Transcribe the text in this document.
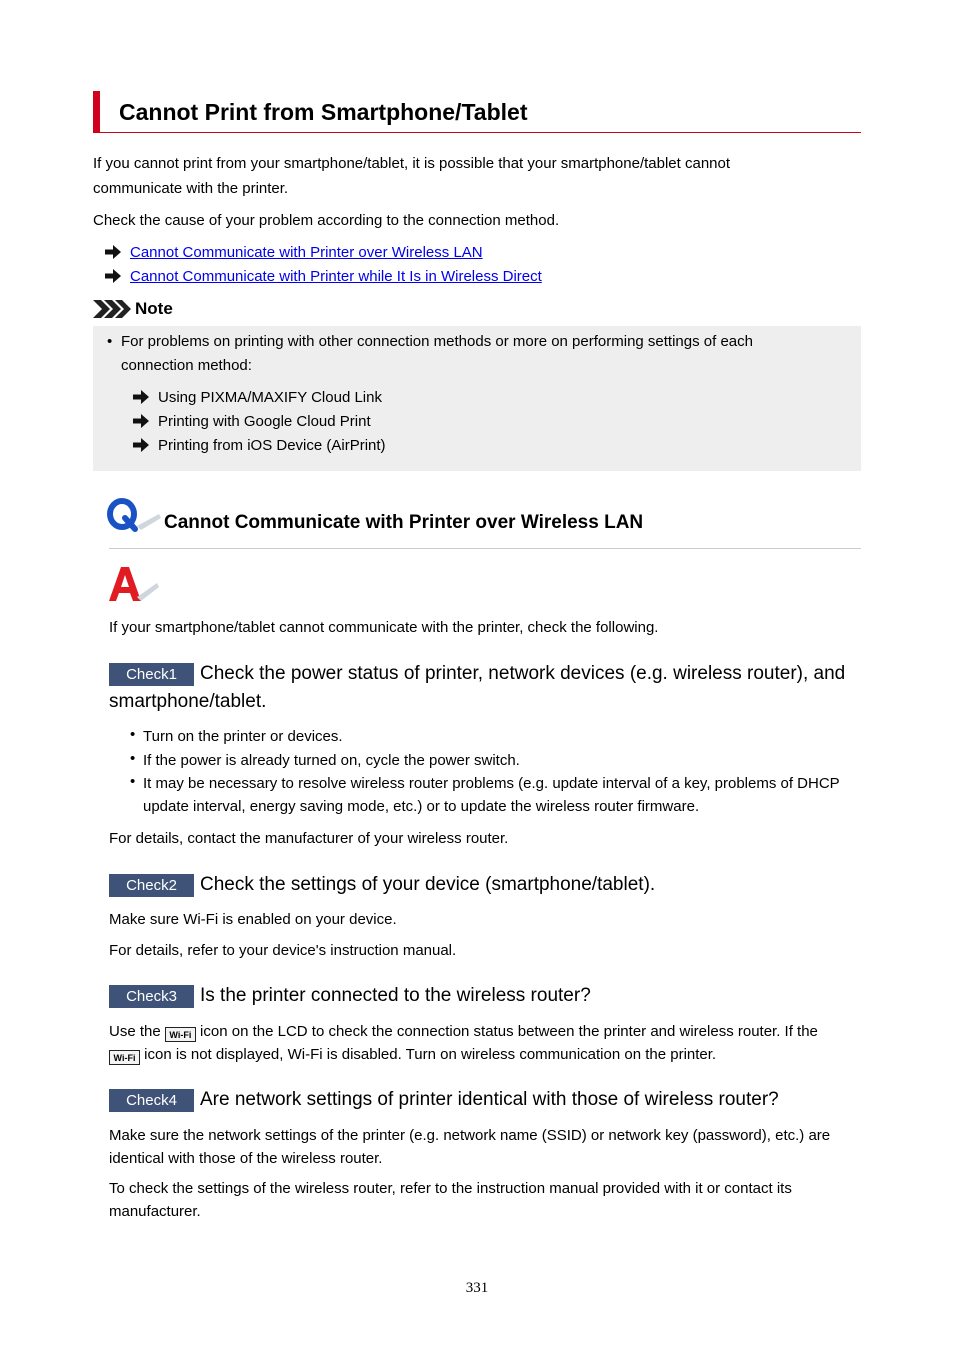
Cannot Print from Smartphone/Tablet
If you cannot print from your smartphone/tablet, it is possible that your smartphone/tablet cannot
communicate with the printer.
Check the cause of your problem according to the connection method.
Cannot Communicate with Printer over Wireless LAN
Cannot Communicate with Printer while It Is in Wireless Direct
Note
• For problems on printing with other connection methods or more on performing settings of each
connection method:
Using PIXMA/MAXIFY Cloud Link
Printing with Google Cloud Print
Printing from iOS Device (AirPrint)
Cannot Communicate with Printer over Wireless LAN
If your smartphone/tablet cannot communicate with the printer, check the following.
Check1	Check the power status of printer, network devices (e.g. wireless router), and
smartphone/tablet.
• Turn on the printer or devices.
• If the power is already turned on, cycle the power switch.
• It may be necessary to resolve wireless router problems (e.g. update interval of a key, problems of DHCP
update interval, energy saving mode, etc.) or to update the wireless router firmware.
For details, contact the manufacturer of your wireless router.
Check2	Check the settings of your device (smartphone/tablet).
Make sure Wi-Fi is enabled on your device.
For details, refer to your device's instruction manual.
Check3	Is the printer connected to the wireless router?
Use the Wi-Fi icon on the LCD to check the connection status between the printer and wireless router. If the
Wi-Fi icon is not displayed, Wi-Fi is disabled. Turn on wireless communication on the printer.
Check4	Are network settings of printer identical with those of wireless router?
Make sure the network settings of the printer (e.g. network name (SSID) or network key (password), etc.) are
identical with those of the wireless router.
To check the settings of the wireless router, refer to the instruction manual provided with it or contact its
manufacturer.
331
